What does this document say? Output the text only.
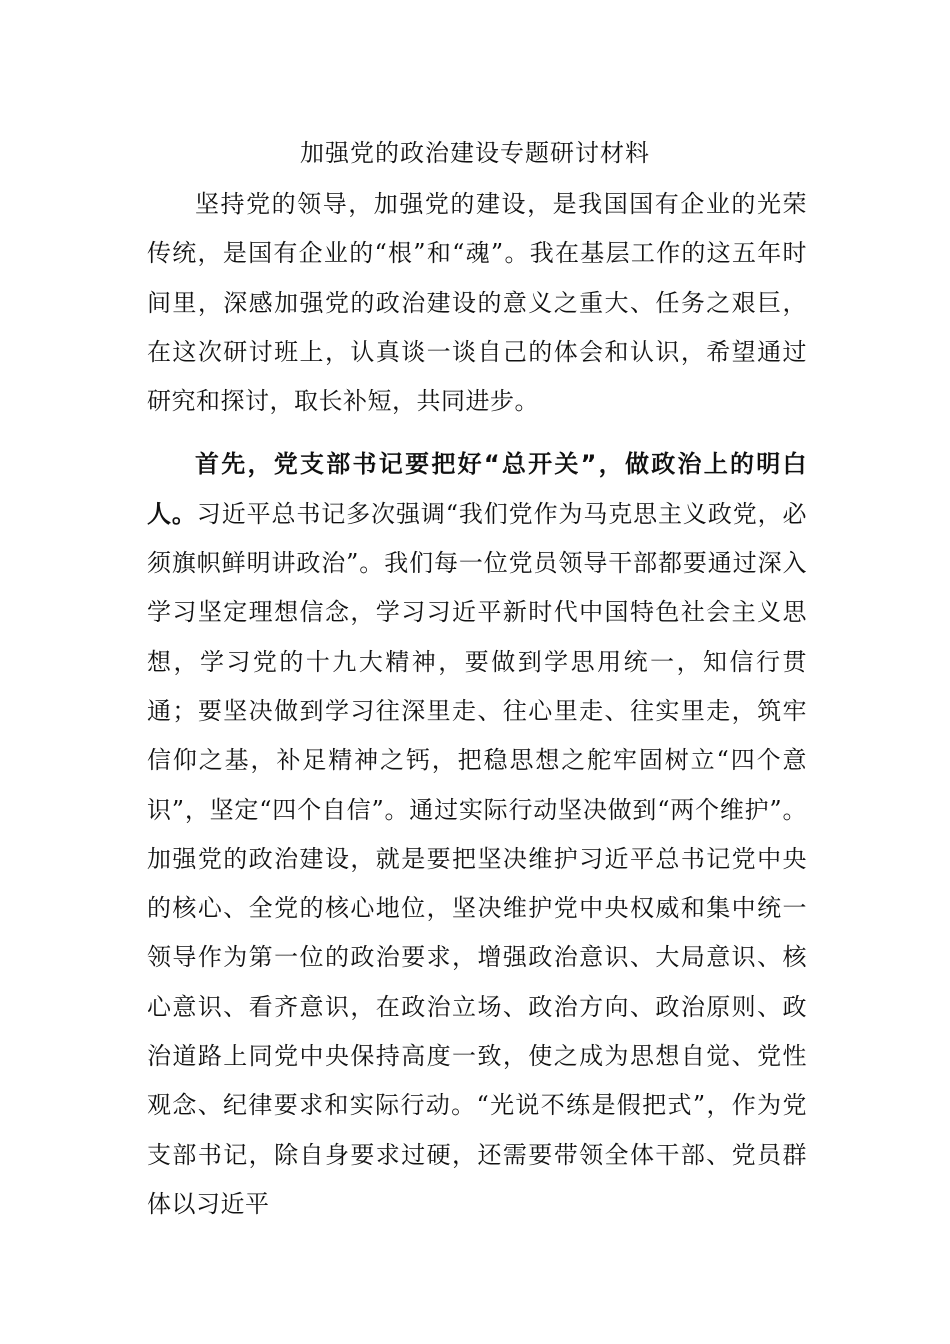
加强党的政治建设专题研讨材料

坚持党的领导，加强党的建设，是我国国有企业的光荣传统，是国有企业的“根”和“魂”。我在基层工作的这五年时间里，深感加强党的政治建设的意义之重大、任务之艰巨，在这次研讨班上，认真谈一谈自己的体会和认识，希望通过研究和探讨，取长补短，共同进步。

首先，党支部书记要把好“总开关”，做政治上的明白人。习近平总书记多次强调“我们党作为马克思主义政党，必须旗帜鲜明讲政治”。我们每一位党员领导干部都要通过深入学习坚定理想信念，学习习近平新时代中国特色社会主义思想，学习党的十九大精神，要做到学思用统一，知信行贯通；要坚决做到学习往深里走、往心里走、往实里走，筑牢信仰之基，补足精神之钙，把稳思想之舵牢固树立“四个意识”，坚定“四个自信”。通过实际行动坚决做到“两个维护”。加强党的政治建设，就是要把坚决维护习近平总书记党中央的核心、全党的核心地位，坚决维护党中央权威和集中统一领导作为第一位的政治要求，增强政治意识、大局意识、核心意识、看齐意识，在政治立场、政治方向、政治原则、政治道路上同党中央保持高度一致，使之成为思想自觉、党性观念、纪律要求和实际行动。“光说不练是假把式”，作为党支部书记，除自身要求过硬，还需要带领全体干部、党员群体以习近平
